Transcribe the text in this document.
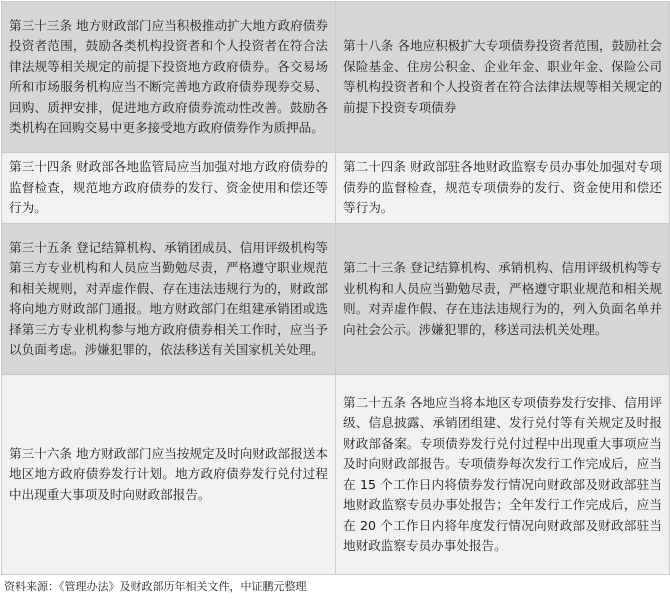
第三十三条 地方财政部门应当积极推动扩大地方政府债券投资者范围，鼓励各类机构投资者和个人投资者在符合法律法规等相关规定的前提下投资地方政府债券。各交易场所和市场服务机构应当不断完善地方政府债券现券交易、回购、质押安排，促进地方政府债券流动性改善。鼓励各类机构在回购交易中更多接受地方政府债券作为质押品。	第十八条 各地应积极扩大专项债券投资者范围，鼓励社会保险基金、住房公积金、企业年金、职业年金、保险公司等机构投资者和个人投资者在符合法律法规等相关规定的前提下投资专项债券
第三十四条 财政部各地监管局应当加强对地方政府债券的监督检查，规范地方政府债券的发行、资金使用和偿还等行为。	第二十四条 财政部驻各地财政监察专员办事处加强对专项债券的监督检查，规范专项债券的发行、资金使用和偿还等行为。
第三十五条 登记结算机构、承销团成员、信用评级机构等第三方专业机构和人员应当勤勉尽责，严格遵守职业规范和相关规则，对弄虚作假、存在违法违规行为的，财政部将向地方财政部门通报。地方财政部门在组建承销团或选择第三方专业机构参与地方政府债券相关工作时，应当予以负面考虑。涉嫌犯罪的，依法移送有关国家机关处理。	第二十三条 登记结算机构、承销机构、信用评级机构等专业机构和人员应当勤勉尽责，严格遵守职业规范和相关规则。对弄虚作假、存在违法违规行为的，列入负面名单并向社会公示。涉嫌犯罪的，移送司法机关处理。
第三十六条 地方财政部门应当按规定及时向财政部报送本地区地方政府债券发行计划。地方政府债券发行兑付过程中出现重大事项及时向财政部报告。	第二十五条 各地应当将本地区专项债券发行安排、信用评级、信息披露、承销团组建、发行兑付等有关规定及时报财政部备案。专项债券发行兑付过程中出现重大事项应当及时向财政部报告。专项债券每次发行工作完成后，应当在 15 个工作日内将债券发行情况向财政部及财政部驻当地财政监察专员办事处报告；全年发行工作完成后，应当在 20 个工作日内将年度发行情况向财政部及财政部驻当地财政监察专员办事处报告。
资料来源：《管理办法》及财政部历年相关文件，中证鹏元整理
